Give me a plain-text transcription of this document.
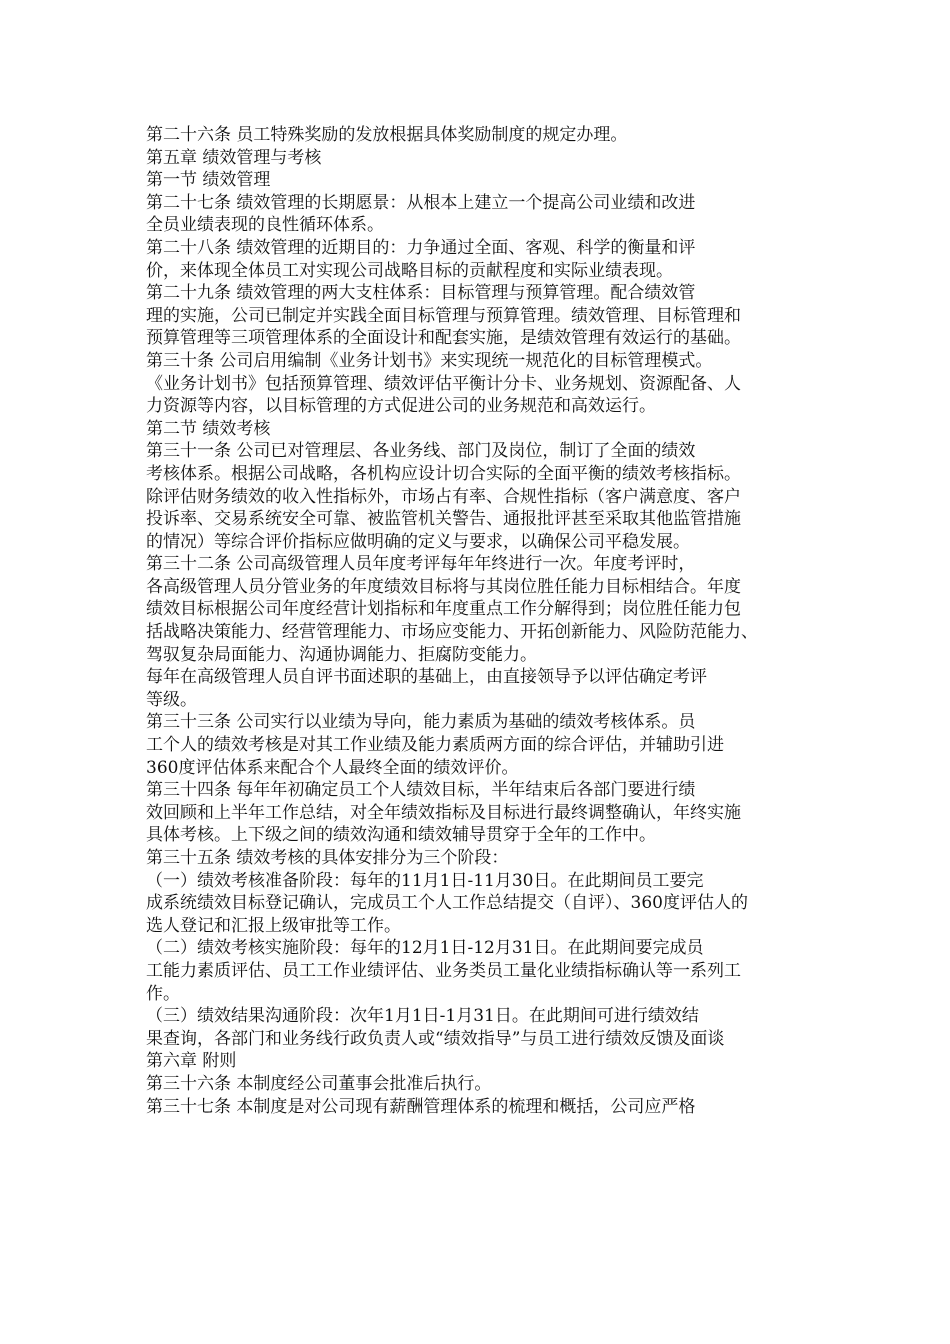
第二十六条 员工特殊奖励的发放根据具体奖励制度的规定办理。
第五章 绩效管理与考核
第一节 绩效管理
第二十七条 绩效管理的长期愿景：从根本上建立一个提高公司业绩和改进
全员业绩表现的良性循环体系。
第二十八条 绩效管理的近期目的：力争通过全面、客观、科学的衡量和评
价，来体现全体员工对实现公司战略目标的贡献程度和实际业绩表现。
第二十九条 绩效管理的两大支柱体系：目标管理与预算管理。配合绩效管
理的实施，公司已制定并实践全面目标管理与预算管理。绩效管理、目标管理和
预算管理等三项管理体系的全面设计和配套实施，是绩效管理有效运行的基础。
第三十条 公司启用编制《业务计划书》来实现统一规范化的目标管理模式。
《业务计划书》包括预算管理、绩效评估平衡计分卡、业务规划、资源配备、人
力资源等内容，以目标管理的方式促进公司的业务规范和高效运行。
第二节 绩效考核
第三十一条 公司已对管理层、各业务线、部门及岗位，制订了全面的绩效
考核体系。根据公司战略，各机构应设计切合实际的全面平衡的绩效考核指标。
除评估财务绩效的收入性指标外，市场占有率、合规性指标（客户满意度、客户
投诉率、交易系统安全可靠、被监管机关警告、通报批评甚至采取其他监管措施
的情况）等综合评价指标应做明确的定义与要求，以确保公司平稳发展。
第三十二条 公司高级管理人员年度考评每年年终进行一次。年度考评时，
各高级管理人员分管业务的年度绩效目标将与其岗位胜任能力目标相结合。年度
绩效目标根据公司年度经营计划指标和年度重点工作分解得到；岗位胜任能力包
括战略决策能力、经营管理能力、市场应变能力、开拓创新能力、风险防范能力、
驾驭复杂局面能力、沟通协调能力、拒腐防变能力。
每年在高级管理人员自评书面述职的基础上，由直接领导予以评估确定考评
等级。
第三十三条 公司实行以业绩为导向，能力素质为基础的绩效考核体系。员
工个人的绩效考核是对其工作业绩及能力素质两方面的综合评估，并辅助引进
360度评估体系来配合个人最终全面的绩效评价。
第三十四条 每年年初确定员工个人绩效目标，半年结束后各部门要进行绩
效回顾和上半年工作总结，对全年绩效指标及目标进行最终调整确认，年终实施
具体考核。上下级之间的绩效沟通和绩效辅导贯穿于全年的工作中。
第三十五条 绩效考核的具体安排分为三个阶段：
（一）绩效考核准备阶段：每年的11月1日-11月30日。在此期间员工要完
成系统绩效目标登记确认，完成员工个人工作总结提交（自评）、360度评估人的
选人登记和汇报上级审批等工作。
（二）绩效考核实施阶段：每年的12月1日-12月31日。在此期间要完成员
工能力素质评估、员工工作业绩评估、业务类员工量化业绩指标确认等一系列工
作。
（三）绩效结果沟通阶段：次年1月1日-1月31日。在此期间可进行绩效结
果查询，各部门和业务线行政负责人或“绩效指导”与员工进行绩效反馈及面谈
第六章 附则
第三十六条 本制度经公司董事会批准后执行。
第三十七条 本制度是对公司现有薪酬管理体系的梳理和概括，公司应严格
